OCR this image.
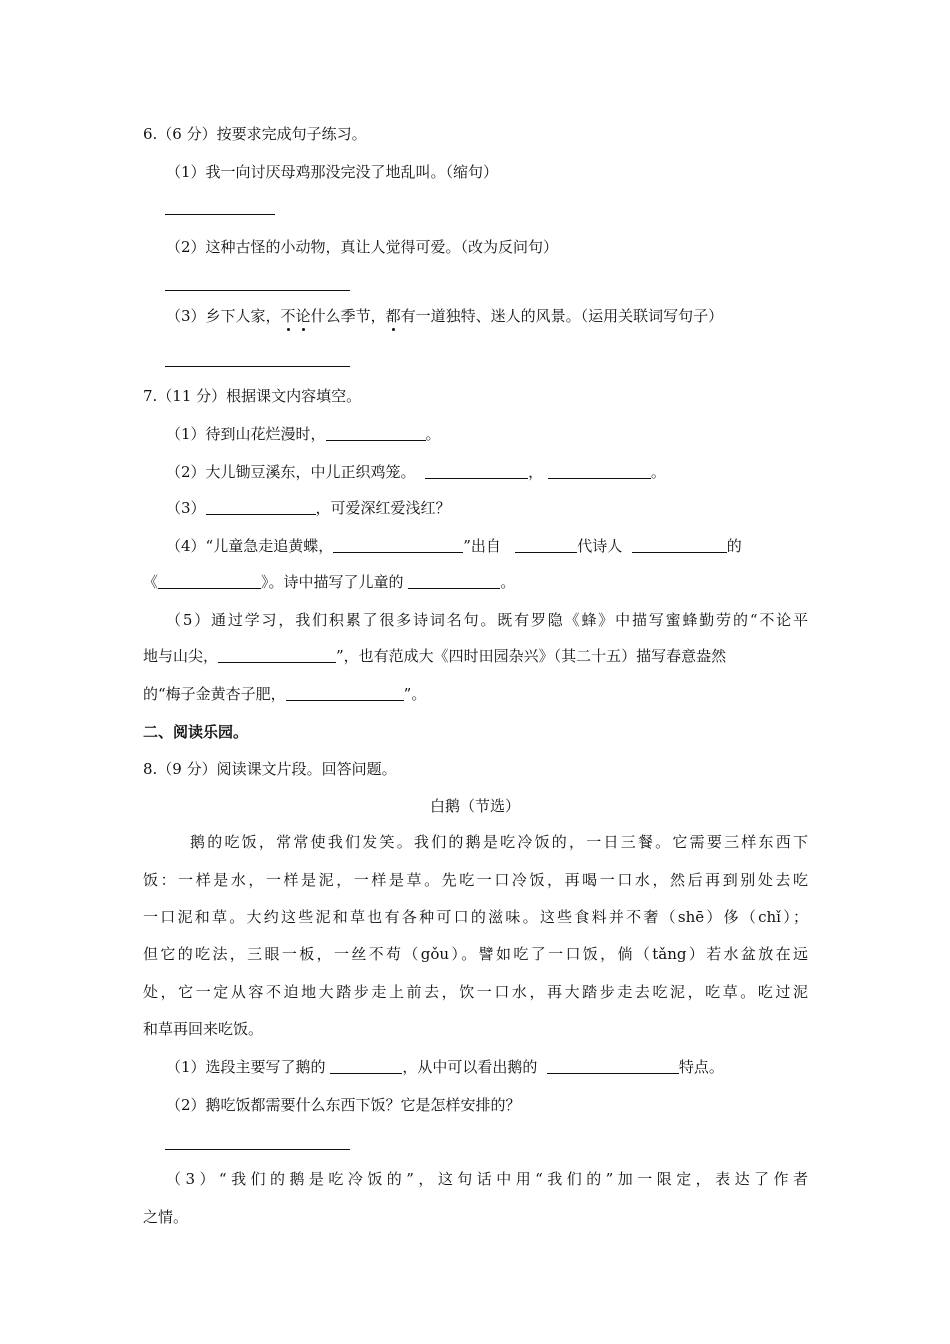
6.（6 分）按要求完成句子练习。
（1）我一向讨厌母鸡那没完没了地乱叫。（缩句）
（2）这种古怪的小动物，真让人觉得可爱。（改为反问句）
（3）乡下人家，不论什么季节，都有一道独特、迷人的风景。（运用关联词写句子）
7.（11 分）根据课文内容填空。
（1）待到山花烂漫时，	。
（2）大儿锄豆溪东，中儿正织鸡笼。	，	。
（3）	，可爱深红爱浅红？
（4）“儿童急走追黄蝶，	”出自	代诗人	的
《	》。诗中描写了儿童的	。
（5）通过学习，我们积累了很多诗词名句。既有罗隐《蜂》中描写蜜蜂勤劳的“不论平
地与山尖，	”，也有范成大《四时田园杂兴》（其二十五）描写春意盎然
的“梅子金黄杏子肥，	”。
二、阅读乐园。
8.（9 分）阅读课文片段。回答问题。
白鹅（节选）
鹅的吃饭，常常使我们发笑。我们的鹅是吃冷饭的，一日三餐。它需要三样东西下
饭：一样是水，一样是泥，一样是草。先吃一口冷饭，再喝一口水，然后再到别处去吃
一口泥和草。大约这些泥和草也有各种可口的滋味。这些食料并不奢（shē）侈（chǐ）；
但它的吃法，三眼一板，一丝不苟（gǒu）。譬如吃了一口饭，倘（tǎng）若水盆放在远
处，它一定从容不迫地大踏步走上前去，饮一口水，再大踏步走去吃泥，吃草。吃过泥
和草再回来吃饭。
（1）选段主要写了鹅的	，从中可以看出鹅的	特点。
（2）鹅吃饭都需要什么东西下饭？它是怎样安排的？
（3）“我们的鹅是吃冷饭的”，这句话中用“我们的”加一限定，表达了作者
之情。
